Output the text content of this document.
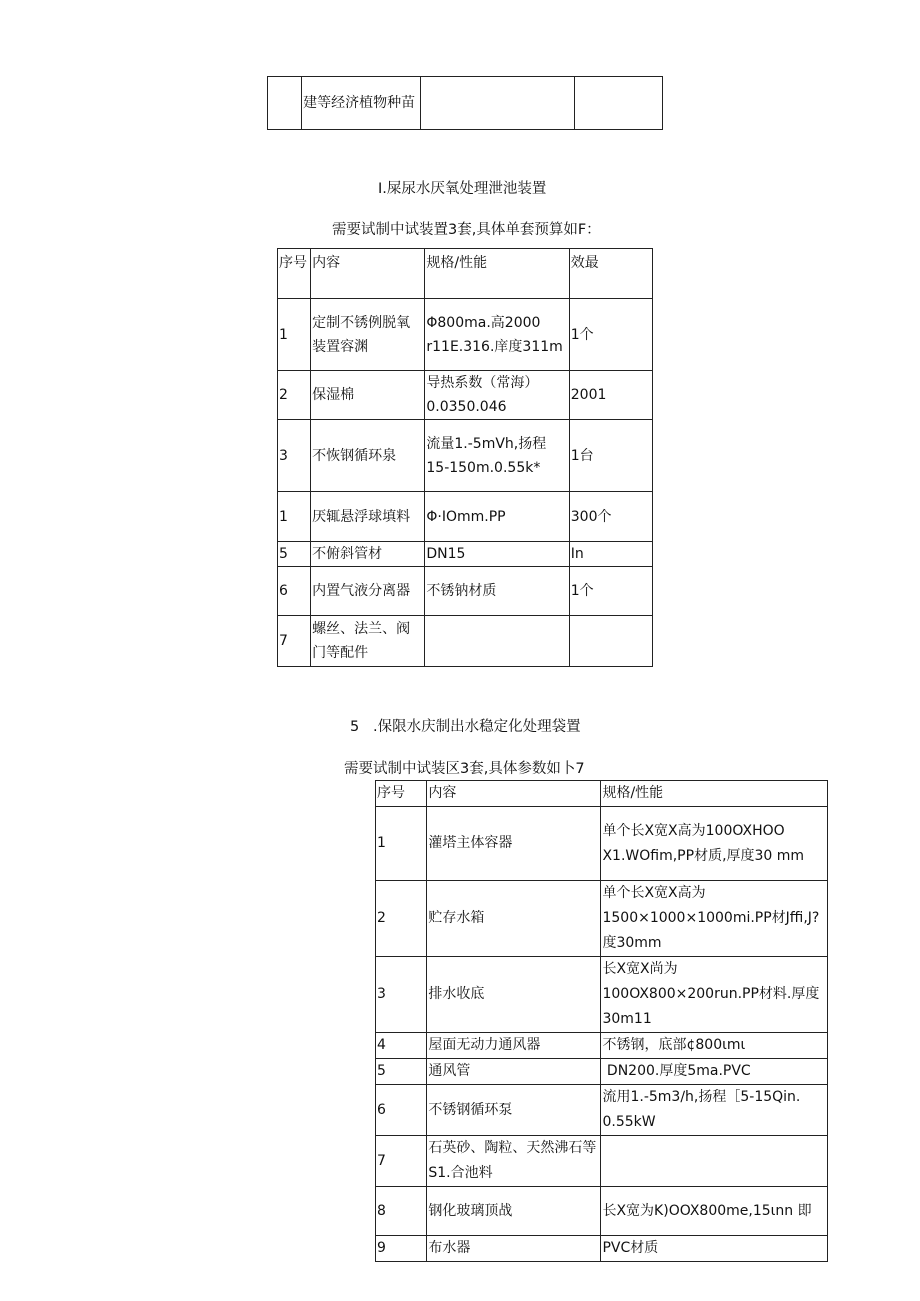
	建等经济植物种苗		
I.屎尿水厌氧处理泄池装置
需要试制中试装置3套,具体单套预算如F：
序号	内容	规格/性能	效最
1	定制不锈例脱氧装置容渊	Φ800ma.高2000 r11E.316.庠度311m	1个
2	保湿棉	导热系数（常海）0.0350.046	2001
3	不恢钢循环泉	流量1.-5mVh,扬程15-150m.0.55k*	1台
1	厌辄悬浮球填料	Φ·IOmm.PP	300个
5	不俯斜管材	DN15	In
6	内置气液分离器	不锈钠材质	1个
7	螺丝、法兰、阀门等配件		
5   .保限水庆制出水稳定化处理袋置
需要试制中试装区3套,具体参数如卜7
序号	内容	规格/性能
1	灌塔主体容器	单个长X宽X高为100OXHOO X1.WOfim,PP材质,厚度30 mm
2	贮存水箱	单个长X宽X高为1500×1000×1000mi.PP材Jffi,J?度30mm
3	排水收底	长X宽X尚为100OX800×200run.PP材料.厚度30m11
4	屋面无动力通风器	不锈钢，底部¢800ιmι
5	通风管	DN200.厚度5ma.PVC
6	不锈钢循环泵	流用1.-5m3∕h,扬程［5-15Qin. 0.55kW
7	石英砂、陶粒、天然沸石等S1.合池料	
8	钢化玻璃顶战	长X宽为K)OOX800me,15ιnn 即
9	布水器	PVC材质
